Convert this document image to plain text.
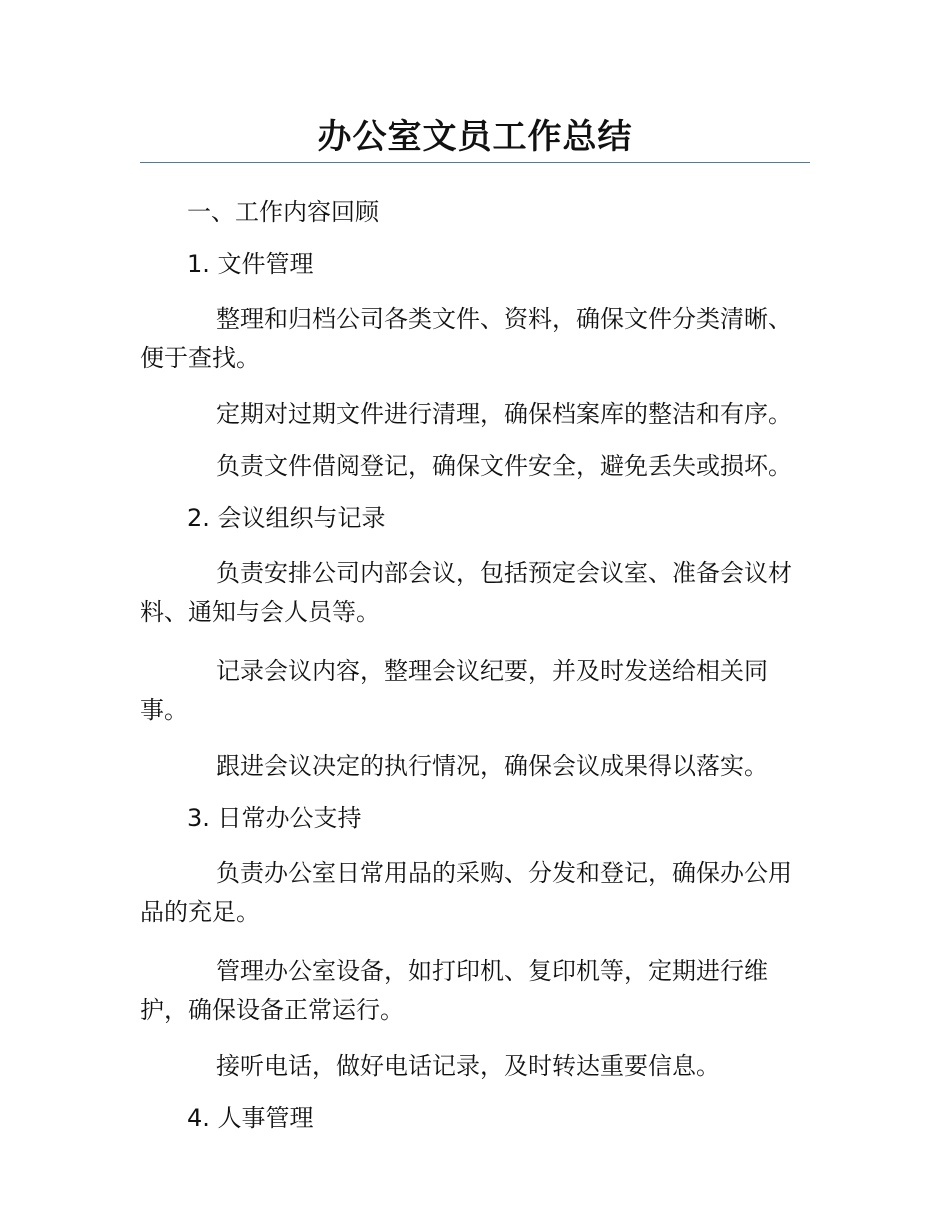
办公室文员工作总结
一、工作内容回顾
1. 文件管理

整理和归档公司各类文件、资料，确保文件分类清晰、便于查找。

定期对过期文件进行清理，确保档案库的整洁和有序。

负责文件借阅登记，确保文件安全，避免丢失或损坏。

2. 会议组织与记录

负责安排公司内部会议，包括预定会议室、准备会议材料、通知与会人员等。

记录会议内容，整理会议纪要，并及时发送给相关同事。

跟进会议决定的执行情况，确保会议成果得以落实。

3. 日常办公支持

负责办公室日常用品的采购、分发和登记，确保办公用品的充足。

管理办公室设备，如打印机、复印机等，定期进行维护，确保设备正常运行。

接听电话，做好电话记录，及时转达重要信息。

4. 人事管理
